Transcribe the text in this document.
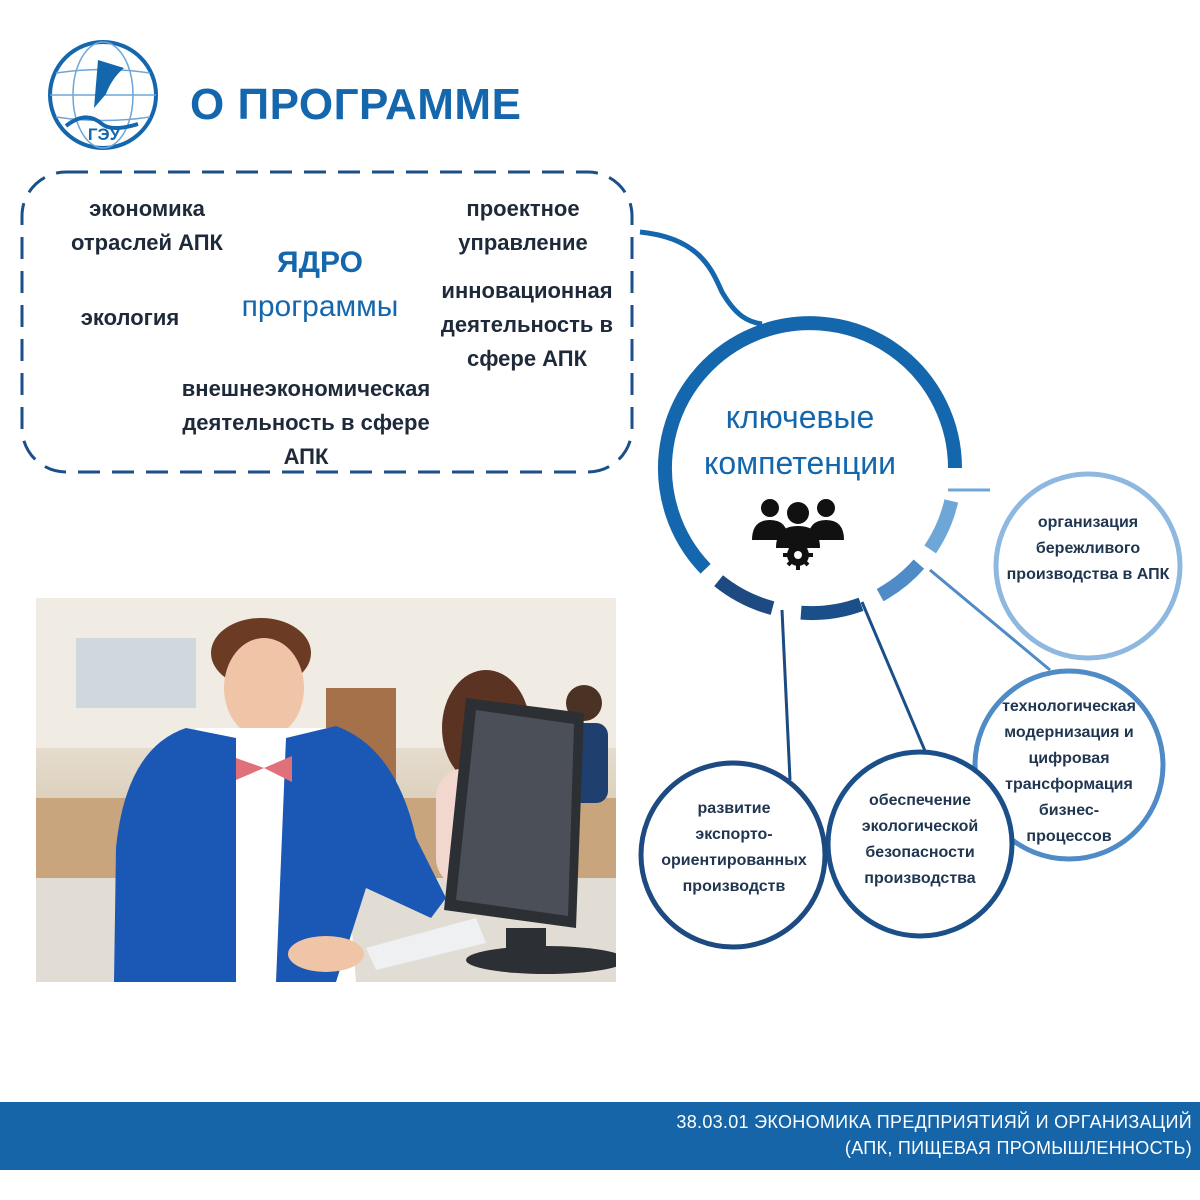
ГЭУ
О ПРОГРАММЕ
экономика
отраслей АПК
проектное
управление
экология
инновационная
деятельность в
сфере АПК
внешнеэкономическая
деятельность в сфере
АПК
ЯДРО
программы
ключевые
компетенции
организация
бережливого
производства в АПК
технологическая
модернизация и
цифровая
трансформация
бизнес-
процессов
обеспечение
экологической
безопасности
производства
развитие
экспорто-
ориентированных
производств
38.03.01 ЭКОНОМИКА ПРЕДПРИЯТИЯЙ И ОРГАНИЗАЦИЙ
(АПК, ПИЩЕВАЯ ПРОМЫШЛЕННОСТЬ)
